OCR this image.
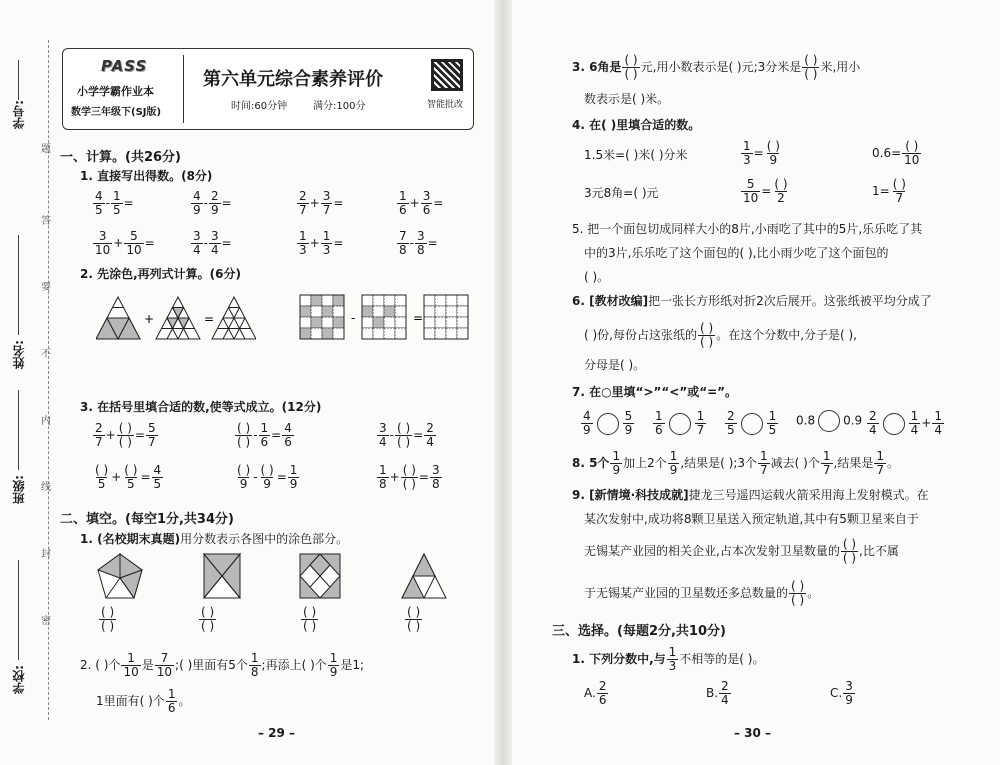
学号:
姓名:
班级:
学校:
题
答
要
不
内
线
封
密
PASS
小学学霸作业本
数学三年级下(SJ版)
第六单元综合素养评价
时间:60分钟	满分:100分	智能批改
一、计算。(共26分)
1. 直接写出得数。(8分)
$\frac{4}{5} - \frac{1}{5}$ =	$\frac{4}{9} - \frac{2}{9}$ =	$\frac{2}{7} + \frac{3}{7}$ =	$\frac{1}{6} + \frac{3}{6}$ =
$\frac{3}{10} + \frac{5}{10}$ =	$\frac{3}{4} - \frac{3}{4}$ =	$\frac{1}{3} + \frac{1}{3}$ =	$\frac{7}{8} - \frac{3}{8}$ =
2. 先涂色,再列式计算。(6分)
+	=	-	=
3. 在括号里填合适的数,使等式成立。(12分)
$\frac{2}{7} + \frac{( )}{( )} = \frac{5}{7}$	$\frac{( )}{( )} - \frac{1}{6} = \frac{4}{6}$	$\frac{3}{4} - \frac{( )}{( )} = \frac{2}{4}$
$\frac{( )}{5} + \frac{( )}{5} = \frac{4}{5}$	$\frac{( )}{9} - \frac{( )}{9} = \frac{1}{9}$	$\frac{1}{8} + \frac{( )}{( )} = \frac{3}{8}$
二、填空。(每空1分,共34分)
1. (名校期末真题)用分数表示各图中的涂色部分。
$\frac{( )}{( )}$	$\frac{( )}{( )}$	$\frac{( )}{( )}$	$\frac{( )}{( )}$
2. ( )个 $\frac{1}{10}$ 是 $\frac{7}{10}$ ;( )里面有5个 $\frac{1}{8}$ ;再添上( )个 $\frac{1}{9}$ 是1;
1里面有( )个 $\frac{1}{6}$ 。
– 29 –
3. 6角是 $\frac{( )}{( )}$ 元,用小数表示是( )元;3分米是 $\frac{( )}{( )}$ 米,用小
数表示是( )米。
4. 在( )里填合适的数。
1.5米=( )米( )分米	$\frac{1}{3} = \frac{( )}{9}$	$0.6= \frac{( )}{10}$
3元8角=( )元	$\frac{5}{10} = \frac{( )}{2}$	$1= \frac{( )}{7}$
5. 把一个面包切成同样大小的8片,小雨吃了其中的5片,乐乐吃了其
中的3片,乐乐吃了这个面包的( ),比小雨少吃了这个面包的
( )。
6. [教材改编]把一张长方形纸对折2次后展开。这张纸被平均分成了
( )份,每份占这张纸的 $\frac{( )}{( )}$ 。在这个分数中,分子是( ),
分母是( )。
7. 在○里填“>”“<”或“=”。
$\frac{4}{9}$	$\frac{5}{9} \frac{1}{6}$	$\frac{1}{7} \frac{2}{5}$	$\frac{1}{5} 0.8$ $0.9 \frac{2}{4}$	$\frac{1}{4} + \frac{1}{4}$
8. 5个 $\frac{1}{9}$ 加上2个 $\frac{1}{9}$ ,结果是( );3个 $\frac{1}{7}$ 减去( )个 $\frac{1}{7}$ ,结果是 $\frac{1}{7}$ 。
9. [新情境·科技成就]捷龙三号遥四运载火箭采用海上发射模式。在
某次发射中,成功将8颗卫星送入预定轨道,其中有5颗卫星来自于
无锡某产业园的相关企业,占本次发射卫星数量的 $\frac{( )}{( )}$ ,比不属
于无锡某产业园的卫星数还多总数量的 $\frac{( )}{( )}$ 。
三、选择。(每题2分,共10分)
1. 下列分数中,与 $\frac{1}{3}$ 不相等的是( )。
A. $\frac{2}{6}$	B. $\frac{2}{4}$	C. $\frac{3}{9}$
– 30 –
